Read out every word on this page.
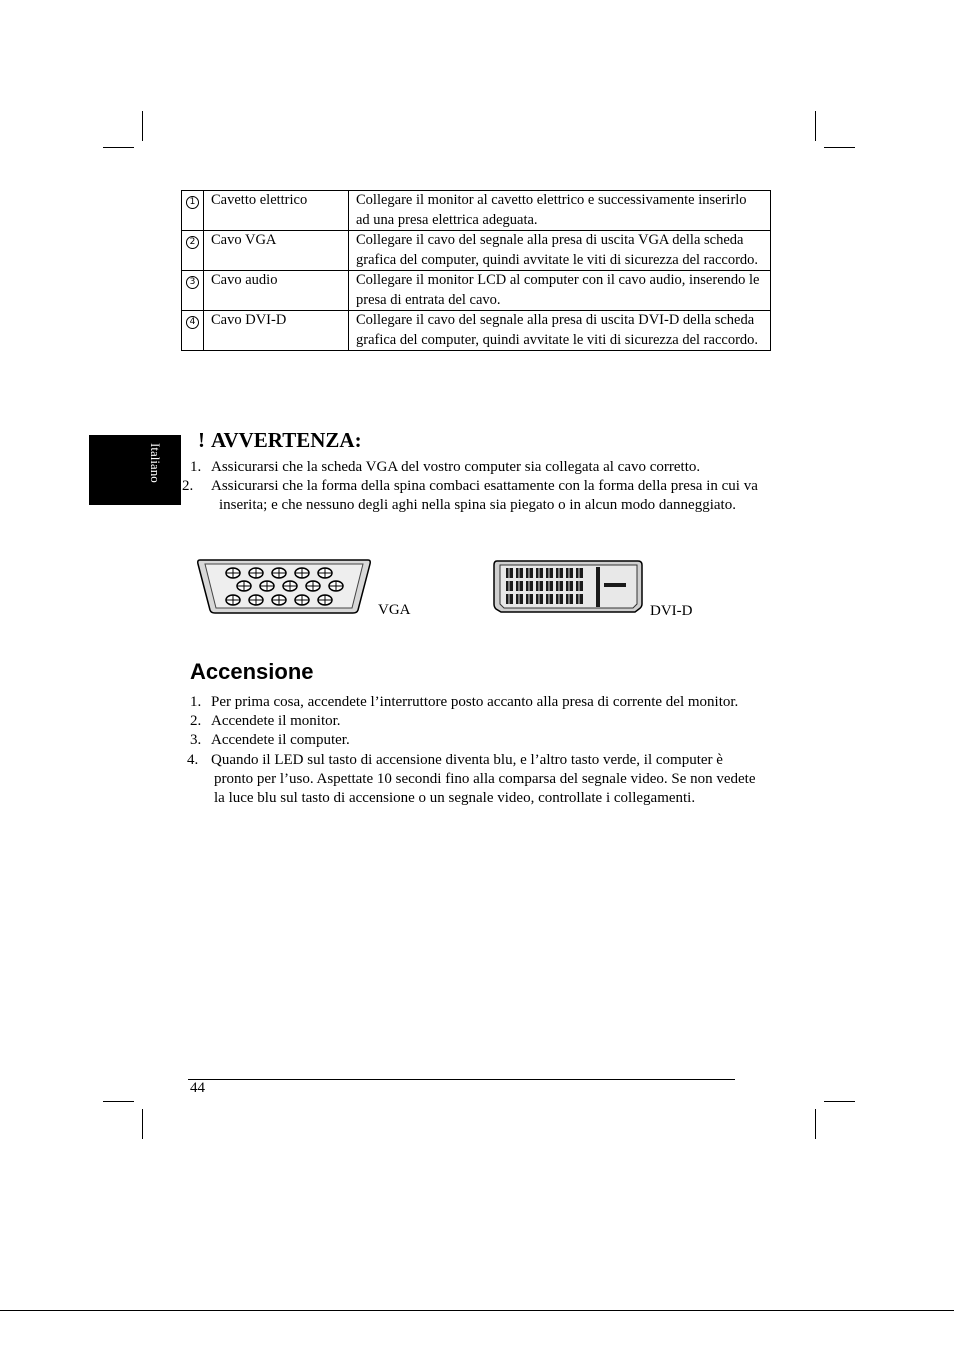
1	Cavetto elettrico	Collegare il monitor al cavetto elettrico e successivamente inserirlo ad una presa elettrica adeguata.
2	Cavo VGA	Collegare il cavo del segnale alla presa di uscita VGA della scheda grafica del computer, quindi avvitate le viti di sicurezza del raccordo.
3	Cavo audio	Collegare il monitor LCD al computer con il cavo audio, inserendo le presa di entrata del cavo.
4	Cavo DVI-D	Collegare il cavo del segnale alla presa di uscita DVI-D della scheda grafica del computer, quindi avvitate le viti di sicurezza del raccordo.
Italiano
! AVVERTENZA:
1. Assicurarsi che la scheda VGA del vostro computer sia collegata al cavo corretto.
2. Assicurarsi che la forma della spina combaci esattamente con la forma della presa in cui va inserita; e che nessuno degli aghi nella spina sia piegato o in alcun modo danneggiato.
VGA	DVI-D
Accensione
1. Per prima cosa, accendete l’interruttore posto accanto alla presa di corrente del monitor.
2. Accendete il monitor.
3. Accendete il computer.
4. Quando il LED sul tasto di accensione diventa blu, e l’altro tasto verde, il computer è pronto per l’uso. Aspettate 10 secondi fino alla comparsa del segnale video. Se non vedete la luce blu sul tasto di accensione o un segnale video, controllate i collegamenti.
44
